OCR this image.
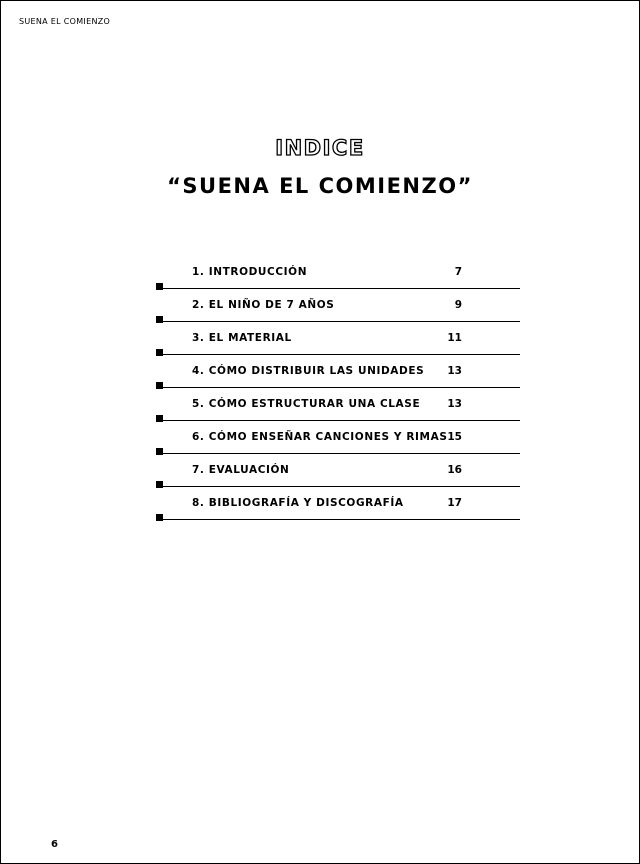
SUENA EL COMIENZO
INDICE
“SUENA EL COMIENZO”
1. INTRODUCCIÓN	7
2. EL NIÑO DE 7 AÑOS	9
3. EL MATERIAL	11
4. CÓMO DISTRIBUIR LAS UNIDADES 13
5. CÓMO ESTRUCTURAR UNA CLASE	13
6. CÓMO ENSEÑAR CANCIONES Y RIMAS 15
7. EVALUACIÓN	16
8. BIBLIOGRAFÍA Y DISCOGRAFÍA	17
6
